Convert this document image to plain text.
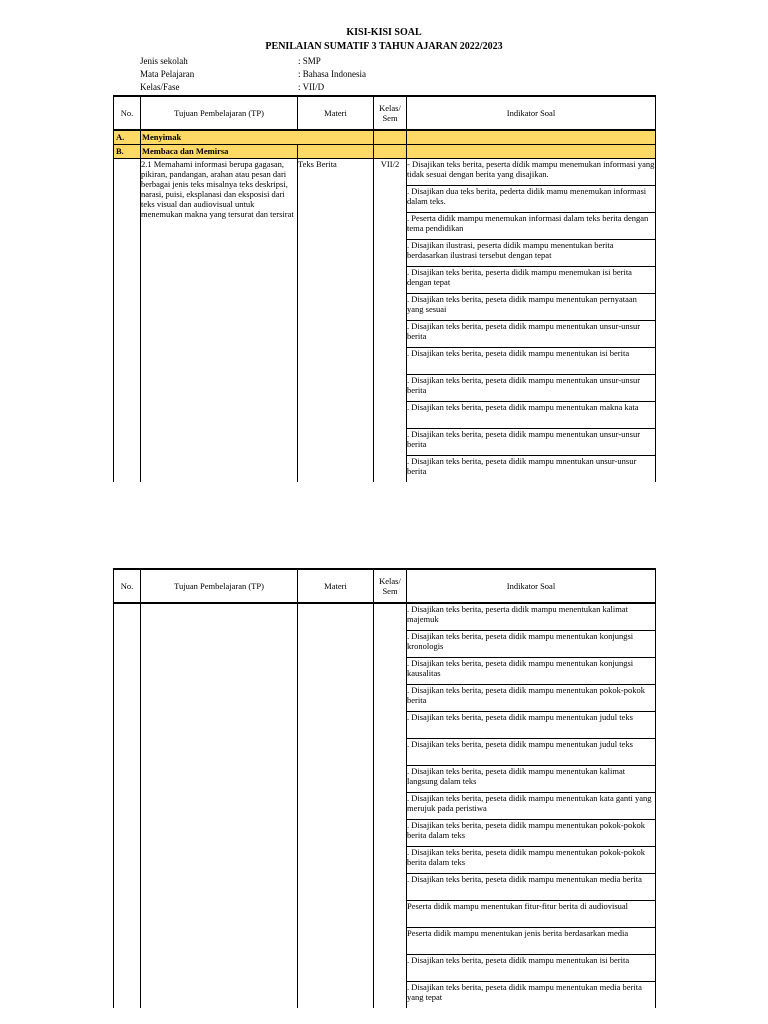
KISI-KISI SOAL
PENILAIAN SUMATIF 3 TAHUN AJARAN 2022/2023
Jenis sekolah	: SMP
Mata Pelajaran	: Bahasa Indonesia
Kelas/Fase	: VII/D
No.	Tujuan Pembelajaran (TP)	Materi	Kelas/ Sem	Indikator Soal
A.	Menyimak			
B.	Membaca dan Memirsa			
	2.1 Memahami informasi berupa gagasan, pikiran, pandangan, arahan atau pesan dari berbagai jenis teks misalnya teks deskripsi, narasi, puisi, eksplanasi dan eksposisi dari teks visual dan audiovisual untuk menemukan makna yang tersurat dan tersirat	Teks Berita	VII/2	- Disajikan teks berita, peserta didik mampu menemukan informasi yang tidak sesuai dengan berita yang disajikan.
				. Disajikan dua teks berita, pederta didik mamu menemukan informasi dalam teks.
				. Peserta didik mampu menemukan informasi dalam teks berita dengan tema pendidikan
				. Disajikan ilustrasi, peserta didik mampu menentukan berita berdasarkan ilustrasi tersebut dengan tepat
				. Disajikan teks berita, peserta didik mampu menemukan isi berita dengan tepat
				. Disajikan teks berita, peseta didik mampu menentukan pernyataan yang sesuai
				. Disajikan teks berita, peseta didik mampu menentukan unsur-unsur berita
				. Disajikan teks berita, peseta didik mampu menentukan isi berita
				. Disajikan teks berita, peseta didik mampu menentukan unsur-unsur berita
				. Disajikan teks berita, peseta didik mampu menentukan makna kata
				. Disajikan teks berita, peseta didik mampu menentukan unsur-unsur berita
				. Disajikan teks berita, peseta didik mampu mnentukan unsur-unsur berita
No.	Tujuan Pembelajaran (TP)	Materi	Kelas/ Sem	Indikator Soal
				. Disajikan teks berita, peserta didik mampu menentukan kalimat majemuk
				. Disajikan teks berita, peseta didik mampu menentukan konjungsi kronologis
				. Disajikan teks berita, peseta didik mampu menentukan konjungsi kausalitas
				. Disajikan teks berita, peseta didik mampu menentukan pokok-pokok berita
				. Disajikan teks berita, peseta didik mampu menentukan judul teks
				. Disajikan teks berita, peseta didik mampu menentukan judul teks
				. Disajikan teks berita, peseta didik mampu menentukan kalimat langsung dalam teks
				. Disajikan teks berita, peseta didik mampu menentukan kata ganti yang merujuk pada peristiwa
				. Disajikan teks berita, peseta didik mampu menentukan pokok-pokok berita dalam teks
				. Disajikan teks berita, peseta didik mampu menentukan pokok-pokok berita dalam teks
				. Disajikan teks berita, peseta didik mampu menentukan media berita
				Peserta didik mampu menentukan fitur-fitur berita di audiovisual
				Peserta didik mampu menentukan jenis berita berdasarkan media
				. Disajikan teks berita, peseta didik mampu menentukan isi berita
				. Disajikan teks berita, peseta didik mampu menentukan media berita yang tepat
